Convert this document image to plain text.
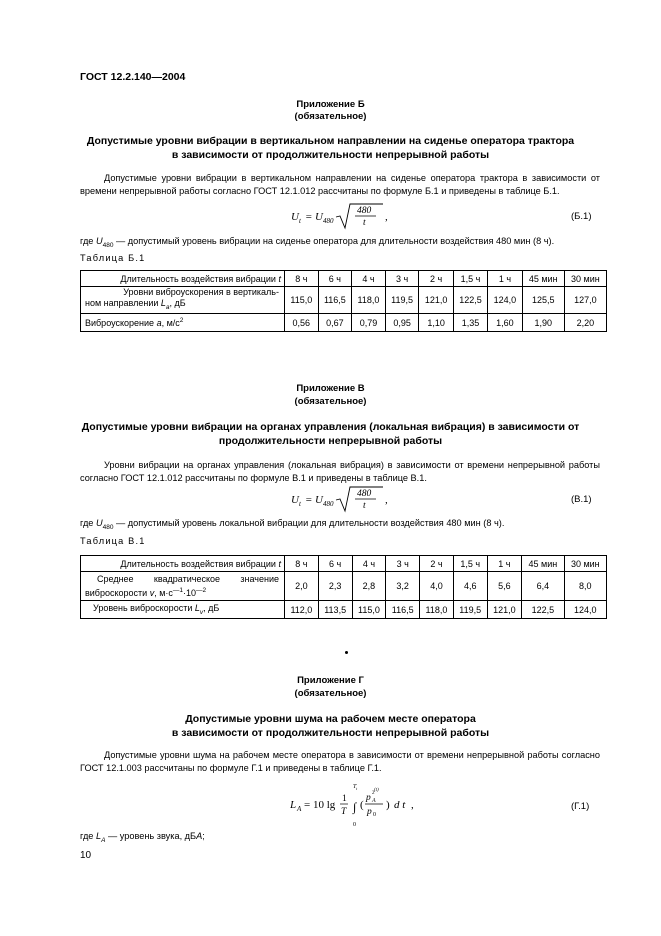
ГОСТ 12.2.140—2004
Приложение Б
(обязательное)
Допустимые уровни вибрации в вертикальном направлении на сиденье оператора трактора
в зависимости от продолжительности непрерывной работы
Допустимые уровни вибрации в вертикальном направлении на сиденье оператора трактора в зависимости от времени непрерывной работы согласно ГОСТ 12.1.012 рассчитаны по формуле Б.1 и приведены в таблице Б.1.
U t = U 480
480
t ,	(Б.1)
где $U_{480}$ — допустимый уровень вибрации на сиденье оператора для длительности воздействия 480 мин (8 ч).
Таблица Б.1
Длительность воздействия вибрации t	8 ч	6 ч	4 ч	3 ч	2 ч	1,5 ч	1 ч	45 мин	30 мин

Уровни виброускорения в вертикаль-
ном направлении $L_a$, дБ	115,0	116,5	118,0	119,5	121,0	122,5	124,0	125,5	127,0
Виброускорение a, $м/с^2$	0,56	0,67	0,79	0,95	1,10	1,35	1,60	1,90	2,20
Приложение В
(обязательное)
Допустимые уровни вибрации на органах управления (локальная вибрация) в зависимости от
продолжительности непрерывной работы
Уровни вибрации на органах управления (локальная вибрация) в зависимости от времени непрерывной работы согласно ГОСТ 12.1.012 рассчитаны по формуле В.1 и приведены в таблице В.1.
U t = U 480
480
t ,	(В.1)
где $U_{480}$ — допустимый уровень локальной вибрации для длительности воздействия 480 мин (8 ч).
Таблица В.1
Длительность воздействия вибрации t	8 ч	6 ч	4 ч	3 ч	2 ч	1,5 ч	1 ч	45 мин	30 мин

Среднее квадратическое значение
виброскорости v, $м\cdot с^{—1}\cdot 10^{—2}$	2,0	2,3	2,8	3,2	4,0	4,6	5,6	6,4	8,0
Уровень виброскорости $L_v$, дБ	112,0	113,5	115,0	116,5	118,0	119,5	121,0	122,5	124,0
Приложение Г
(обязательное)
Допустимые уровни шума на рабочем месте оператора
в зависимости от продолжительности непрерывной работы
Допустимые уровни шума на рабочем месте оператора в зависимости от времени непрерывной работы согласно ГОСТ 12.1.003 рассчитаны по формуле Г.1 и приведены в таблице Г.1.
L A = 10 lg 1
T
T t
∫
0
(
p 2
(t)
A
p 0
) d t ,	(Г.1)
где $L_A$ — уровень звука, дБA;
10
